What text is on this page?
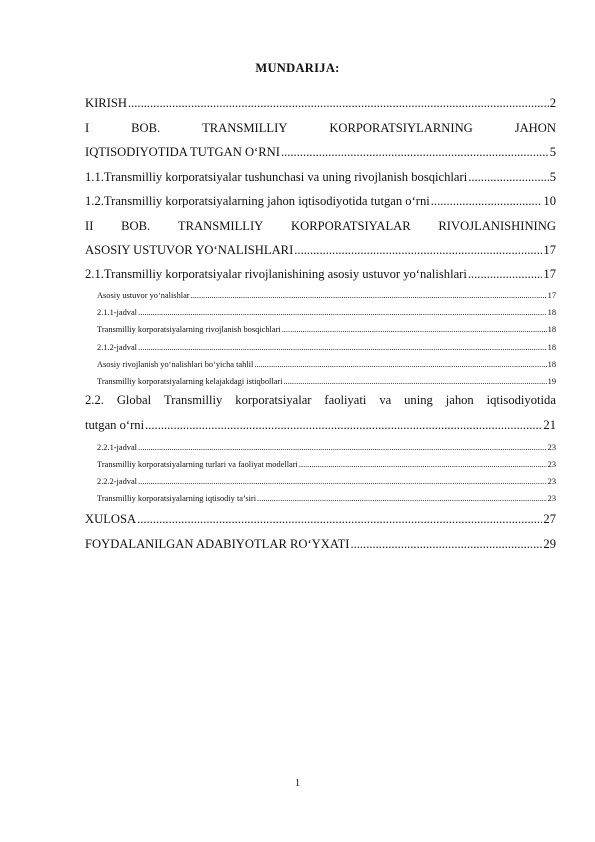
MUNDARIJA:
KIRISH .....	2
I	BOB.	TRANSMILLIY	KORPORATSIYLARNING	JAHON
IQTISODIYOTIDA TUTGAN O‘RNI .....	5
1.1.Transmilliy korporatsiyalar tushunchasi va uning rivojlanish bosqichlari .....	5
1.2.Transmilliy korporatsiyalarning jahon iqtisodiyotida tutgan o‘rni .....	10
II BOB. TRANSMILLIY KORPORATSIYALAR RIVOJLANISHINING
ASOSIY USTUVOR YO‘NALISHLARI .....	17
2.1.Transmilliy korporatsiyalar rivojlanishining asosiy ustuvor yo‘nalishlari .....	17
Asosiy ustuvor yo‘nalishlar .....	17
2.1.1-jadval .....	18
Transmilliy korporatsiyalarning rivojlanish bosqichlari .....	18
2.1.2-jadval .....	18
Asosiy rivojlanish yo‘nalishlari bo‘yicha tahlil .....	18
Transmilliy korporatsiyalarning kelajakdagi istiqbollari .....	19
2.2. Global Transmilliy korporatsiyalar faoliyati va uning jahon iqtisodiyotida
tutgan o‘rni .....	21
2.2.1-jadval .....	23
Transmilliy korporatsiyalarning turlari va faoliyat modellari .....	23
2.2.2-jadval .....	23
Transmilliy korporatsiyalarning iqtisodiy ta’siri .....	23
XULOSA .....	27
FOYDALANILGAN ADABIYOTLAR RO‘YXATI .....	29
1
